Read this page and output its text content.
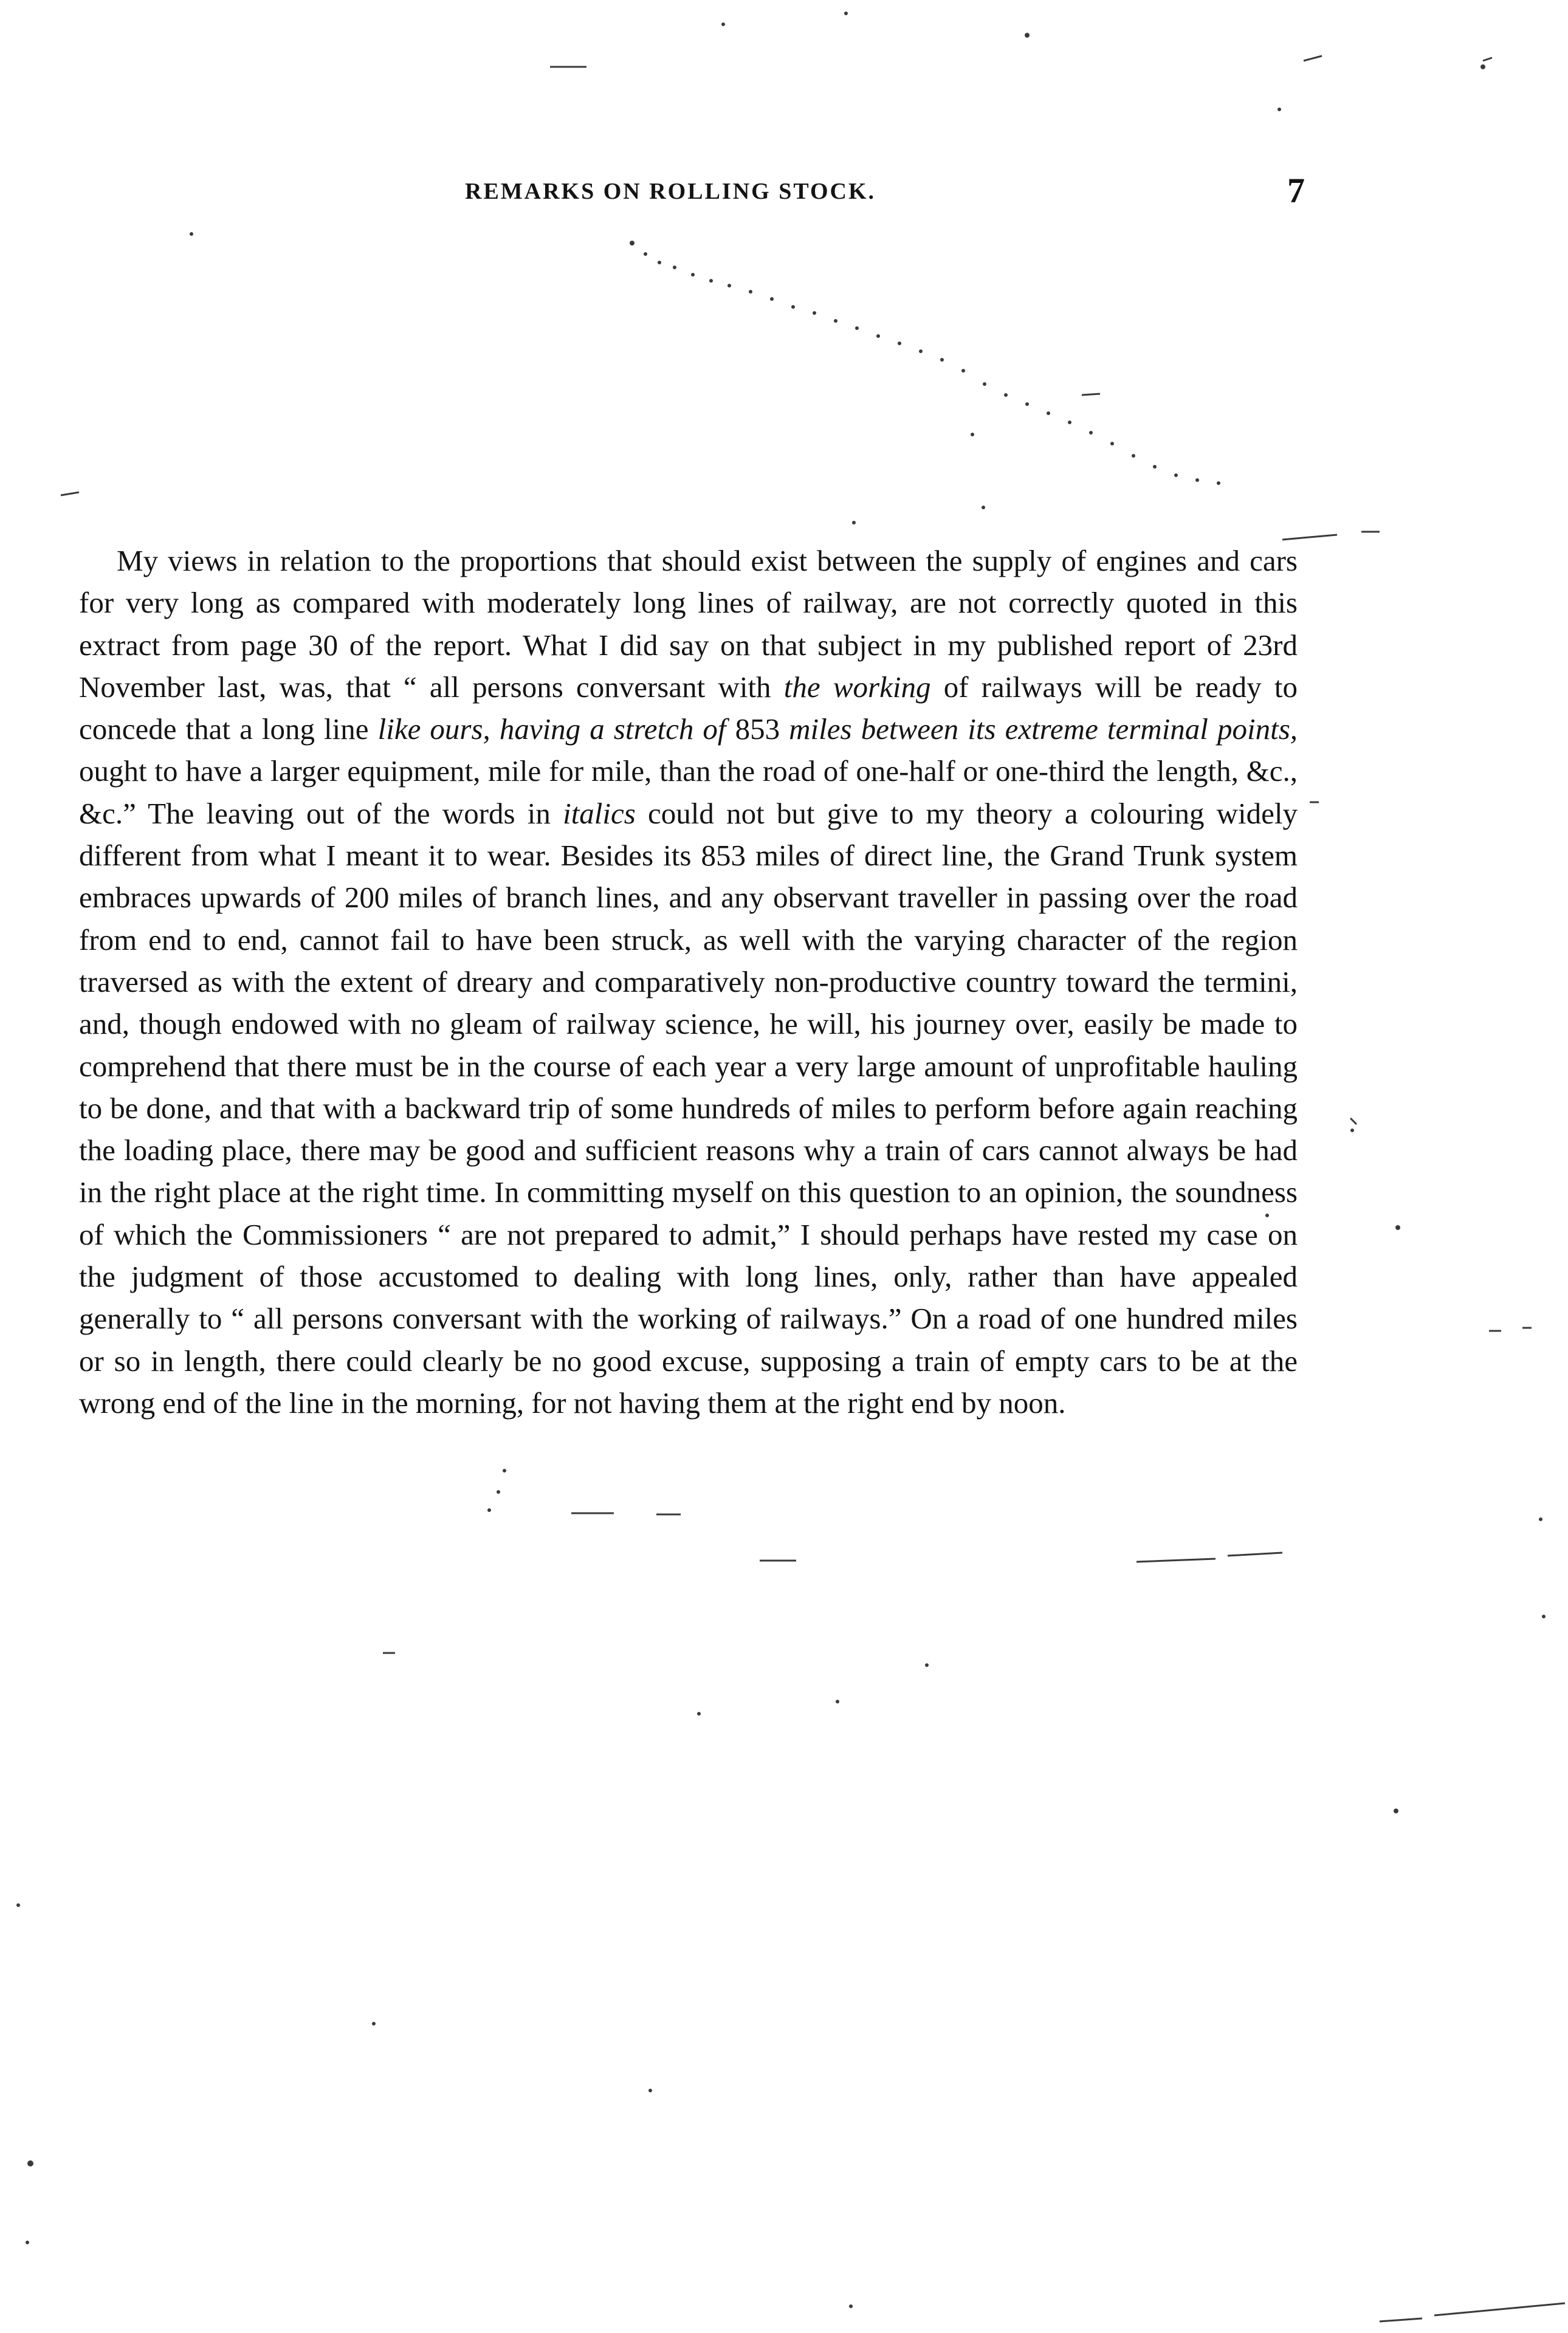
REMARKS ON ROLLING STOCK.	7

My views in relation to the proportions that should exist between the supply of engines and cars for very long as compared with moderately long lines of railway, are not correctly quoted in this extract from page 30 of the report. What I did say on that subject in my published report of 23rd November last, was, that “ all persons conversant with the working of railways will be ready to concede that a long line like ours, having a stretch of 853 miles between its extreme terminal points, ought to have a larger equipment, mile for mile, than the road of one-half or one-third the length, &c., &c.” The leaving out of the words in italics could not but give to my theory a colouring widely different from what I meant it to wear. Besides its 853 miles of direct line, the Grand Trunk system embraces upwards of 200 miles of branch lines, and any observant traveller in passing over the road from end to end, cannot fail to have been struck, as well with the varying character of the region traversed as with the extent of dreary and comparatively non-productive country toward the termini, and, though endowed with no gleam of railway science, he will, his journey over, easily be made to comprehend that there must be in the course of each year a very large amount of unprofitable hauling to be done, and that with a backward trip of some hundreds of miles to perform before again reaching the loading place, there may be good and sufficient reasons why a train of cars cannot always be had in the right place at the right time. In committing myself on this question to an opinion, the soundness of which the Commissioners “ are not prepared to admit,” I should perhaps have rested my case on the judgment of those accustomed to dealing with long lines, only, rather than have appealed generally to “ all persons conversant with the working of railways.” On a road of one hundred miles or so in length, there could clearly be no good excuse, supposing a train of empty cars to be at the wrong end of the line in the morning, for not having them at the right end by noon.
